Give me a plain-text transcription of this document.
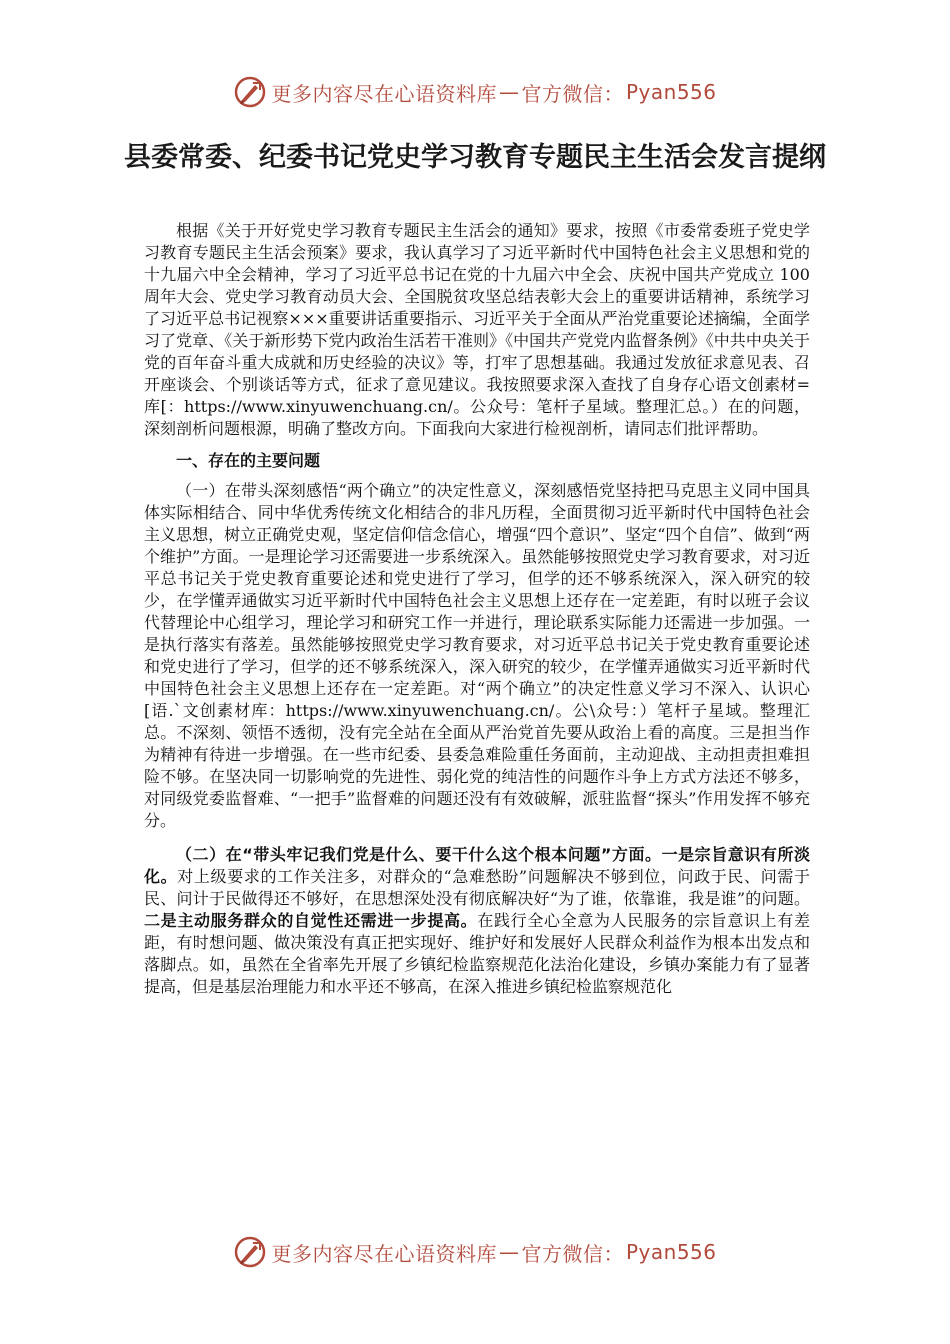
更多内容尽在心语资料库 — 官方微信： Pyan556
县委常委、纪委书记党史学习教育专题民主生活会发言提纲

根据《关于开好党史学习教育专题民主生活会的通知》要求，按照《市委常委班子党史学习教育专题民主生活会预案》要求，我认真学习了习近平新时代中国特色社会主义思想和党的十九届六中全会精神，学习了习近平总书记在党的十九届六中全会、庆祝中国共产党成立 100 周年大会、党史学习教育动员大会、全国脱贫攻坚总结表彰大会上的重要讲话精神，系统学习了习近平总书记视察×××重要讲话重要指示、习近平关于全面从严治党重要论述摘编，全面学习了党章、《关于新形势下党内政治生活若干准则》《中国共产党党内监督条例》《中共中央关于党的百年奋斗重大成就和历史经验的决议》等，打牢了思想基础。我通过发放征求意见表、召开座谈会、个别谈话等方式，征求了意见建议。我按照要求深入查找了自身存心语文创素材=库[：https://www.xinyuwenchuang.cn/。公众号：笔杆子星域。整理汇总。）在的问题，深刻剖析问题根源，明确了整改方向。下面我向大家进行检视剖析，请同志们批评帮助。

一、存在的主要问题

（一）在带头深刻感悟“两个确立”的决定性意义，深刻感悟党坚持把马克思主义同中国具体实际相结合、同中华优秀传统文化相结合的非凡历程，全面贯彻习近平新时代中国特色社会主义思想，树立正确党史观，坚定信仰信念信心，增强“四个意识”、坚定“四个自信”、做到“两个维护”方面。一是理论学习还需要进一步系统深入。虽然能够按照党史学习教育要求，对习近平总书记关于党史教育重要论述和党史进行了学习，但学的还不够系统深入，深入研究的较少，在学懂弄通做实习近平新时代中国特色社会主义思想上还存在一定差距，有时以班子会议代替理论中心组学习，理论学习和研究工作一并进行，理论联系实际能力还需进一步加强。一是执行落实有落差。虽然能够按照党史学习教育要求，对习近平总书记关于党史教育重要论述和党史进行了学习，但学的还不够系统深入，深入研究的较少，在学懂弄通做实习近平新时代中国特色社会主义思想上还存在一定差距。对“两个确立”的决定性意义学习不深入、认识心[语.`文创素材库：https://www.xinyuwenchuang.cn/。公\众号：）笔杆子星域。整理汇总。不深刻、领悟不透彻，没有完全站在全面从严治党首先要从政治上看的高度。三是担当作为精神有待进一步增强。在一些市纪委、县委急难险重任务面前，主动迎战、主动担责担难担险不够。在坚决同一切影响党的先进性、弱化党的纯洁性的问题作斗争上方式方法还不够多，对同级党委监督难、“一把手”监督难的问题还没有有效破解，派驻监督“探头”作用发挥不够充分。

（二）在“带头牢记我们党是什么、要干什么这个根本问题”方面。一是宗旨意识有所淡化。对上级要求的工作关注多，对群众的“急难愁盼”问题解决不够到位，问政于民、问需于民、问计于民做得还不够好，在思想深处没有彻底解决好“为了谁，依靠谁，我是谁”的问题。二是主动服务群众的自觉性还需进一步提高。在践行全心全意为人民服务的宗旨意识上有差距，有时想问题、做决策没有真正把实现好、维护好和发展好人民群众利益作为根本出发点和落脚点。如，虽然在全省率先开展了乡镇纪检监察规范化法治化建设，乡镇办案能力有了显著提高，但是基层治理能力和水平还不够高，在深入推进乡镇纪检监察规范化

更多内容尽在心语资料库 — 官方微信： Pyan556
